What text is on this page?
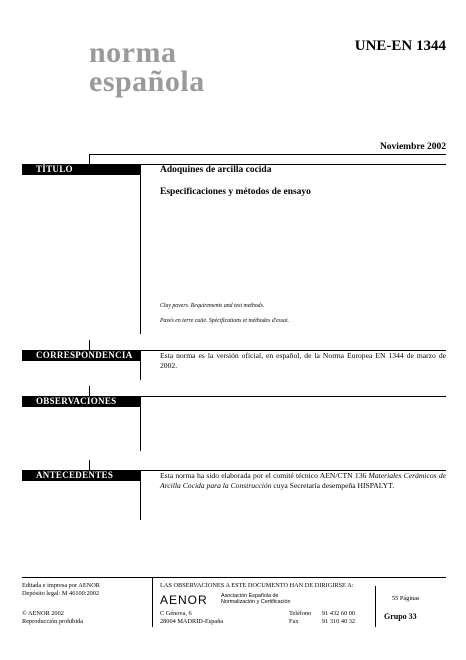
norma
española
UNE-EN 1344
Noviembre 2002
TÍTULO	Adoquines de arcilla cocida
Especificaciones y métodos de ensayo
Clay pavers. Requirements and test methods.
Pavés en terre cuite. Spécifications et méthodes d'essai.
CORRESPONDENCIA	Esta norma es la versión oficial, en español, de la Norma Europea EN 1344 de marzo de 2002.
OBSERVACIONES
ANTECEDENTES	Esta norma ha sido elaborada por el comité técnico AEN/CTN 136 Materiales Cerámicos de Arcilla Cocida para la Construcción cuya Secretaría desempeña HISPALYT.
Editada e impresa por AENOR
Depósito legal: M 46100:2002
© AENOR 2002
Reproducción prohibida
LAS OBSERVACIONES A ESTE DOCUMENTO HAN DE DIRIGIRSE A:
AENOR Asociación Española de
Normalización y Certificación
C Génova, 6
28004 MADRID-España
Teléfono 91 432 60 00
Fax	91 310 40 32
55 Páginas
Grupo 33
